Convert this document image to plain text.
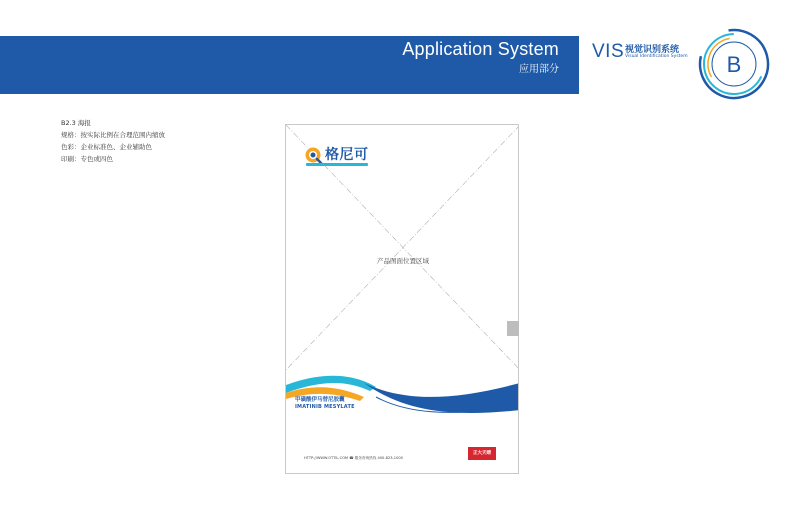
Application System
应用部分
VIS 视觉识别系统
Visual Identification System B
B2.3 海报
规格：按实际比例在合理范围内缩放
色彩：企业标准色、企业辅助色
印刷：专色或四色	格尼可
产品图面位置区域
甲磺酸伊马替尼胶囊
IMATINIB MESYLATE
HTTP://WWW.OTTIL.COM ☎ 服务咨询热线 400-823-1000
正大天晴
